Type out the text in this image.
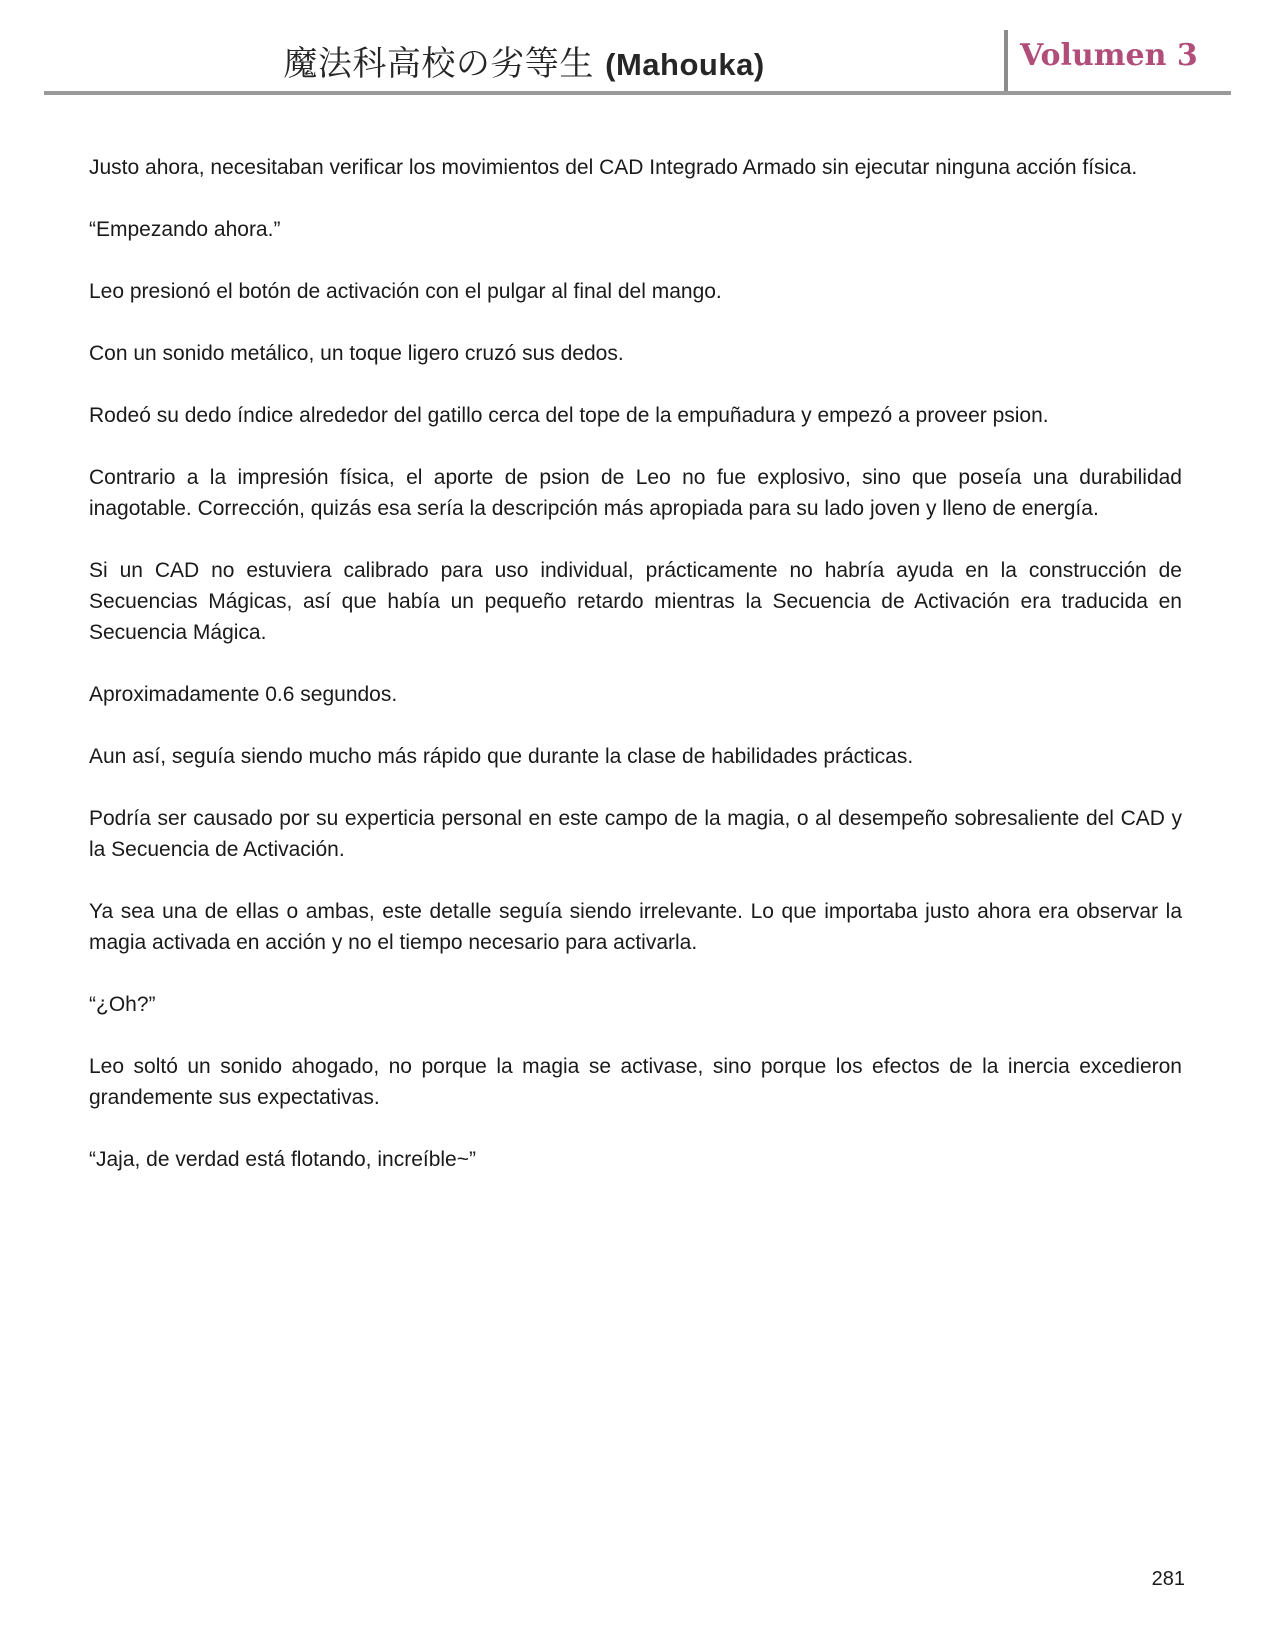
魔法科高校の劣等生 (Mahouka)	Volumen 3

Justo ahora, necesitaban verificar los movimientos del CAD Integrado Armado sin ejecutar ninguna acción física.

“Empezando ahora.”

Leo presionó el botón de activación con el pulgar al final del mango.

Con un sonido metálico, un toque ligero cruzó sus dedos.

Rodeó su dedo índice alrededor del gatillo cerca del tope de la empuñadura y empezó a proveer psion.

Contrario a la impresión física, el aporte de psion de Leo no fue explosivo, sino que poseía una durabilidad inagotable. Corrección, quizás esa sería la descripción más apropiada para su lado joven y lleno de energía.

Si un CAD no estuviera calibrado para uso individual, prácticamente no habría ayuda en la construcción de Secuencias Mágicas, así que había un pequeño retardo mientras la Secuencia de Activación era traducida en Secuencia Mágica.

Aproximadamente 0.6 segundos.

Aun así, seguía siendo mucho más rápido que durante la clase de habilidades prácticas.

Podría ser causado por su experticia personal en este campo de la magia, o al desempeño sobresaliente del CAD y la Secuencia de Activación.

Ya sea una de ellas o ambas, este detalle seguía siendo irrelevante. Lo que importaba justo ahora era observar la magia activada en acción y no el tiempo necesario para activarla.

“¿Oh?”

Leo soltó un sonido ahogado, no porque la magia se activase, sino porque los efectos de la inercia excedieron grandemente sus expectativas.

“Jaja, de verdad está flotando, increíble~”

281
